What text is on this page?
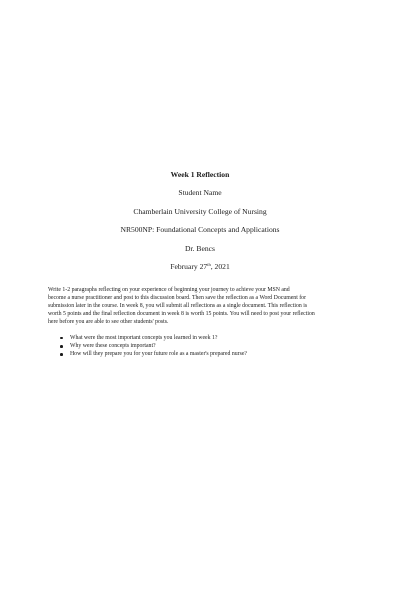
Week 1 Reflection
Student Name
Chamberlain University College of Nursing
NR500NP: Foundational Concepts and Applications
Dr. Bencs
February 27th, 2021
Write 1-2 paragraphs reflecting on your experience of beginning your journey to achieve your MSN and
become a nurse practitioner and post to this discussion board. Then save the reflection as a Word Document for
submission later in the course. In week 8, you will submit all reflections as a single document. This reflection is
worth 5 points and the final reflection document in week 8 is worth 15 points. You will need to post your reflection
here before you are able to see other students' posts.
What were the most important concepts you learned in week 1?
Why were these concepts important?
How will they prepare you for your future role as a master's prepared nurse?
